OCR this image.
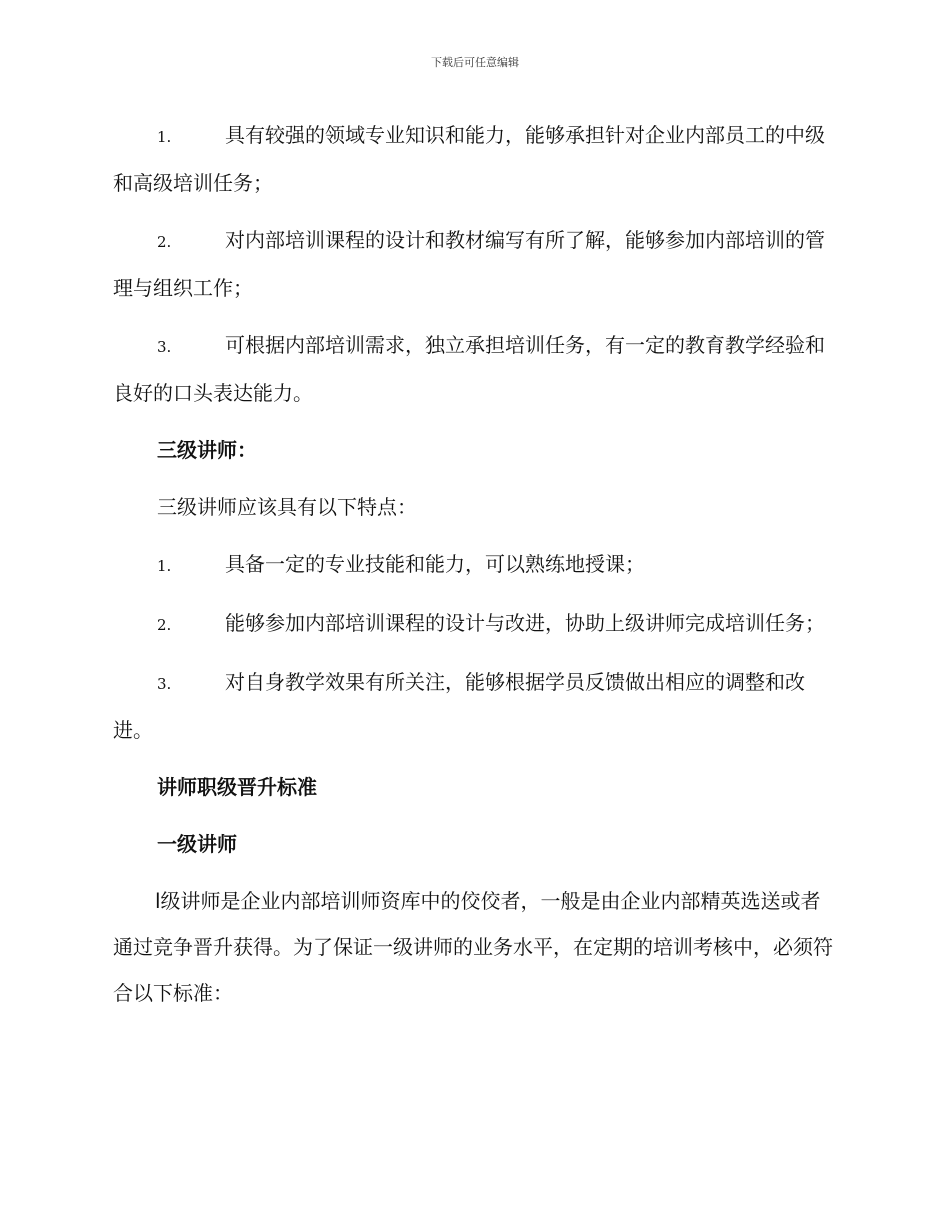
下载后可任意编辑

1.	具有较强的领域专业知识和能力，能够承担针对企业内部员工的中级和高级培训任务；

2.	对内部培训课程的设计和教材编写有所了解，能够参加内部培训的管理与组织工作；

3.	可根据内部培训需求，独立承担培训任务，有一定的教育教学经验和良好的口头表达能力。

三级讲师：

三级讲师应该具有以下特点：

1.	具备一定的专业技能和能力，可以熟练地授课；

2.	能够参加内部培训课程的设计与改进，协助上级讲师完成培训任务；

3.	对自身教学效果有所关注，能够根据学员反馈做出相应的调整和改进。

讲师职级晋升标准

一级讲师

l级讲师是企业内部培训师资库中的佼佼者，一般是由企业内部精英选送或者通过竞争晋升获得。为了保证一级讲师的业务水平，在定期的培训考核中，必须符合以下标准：
